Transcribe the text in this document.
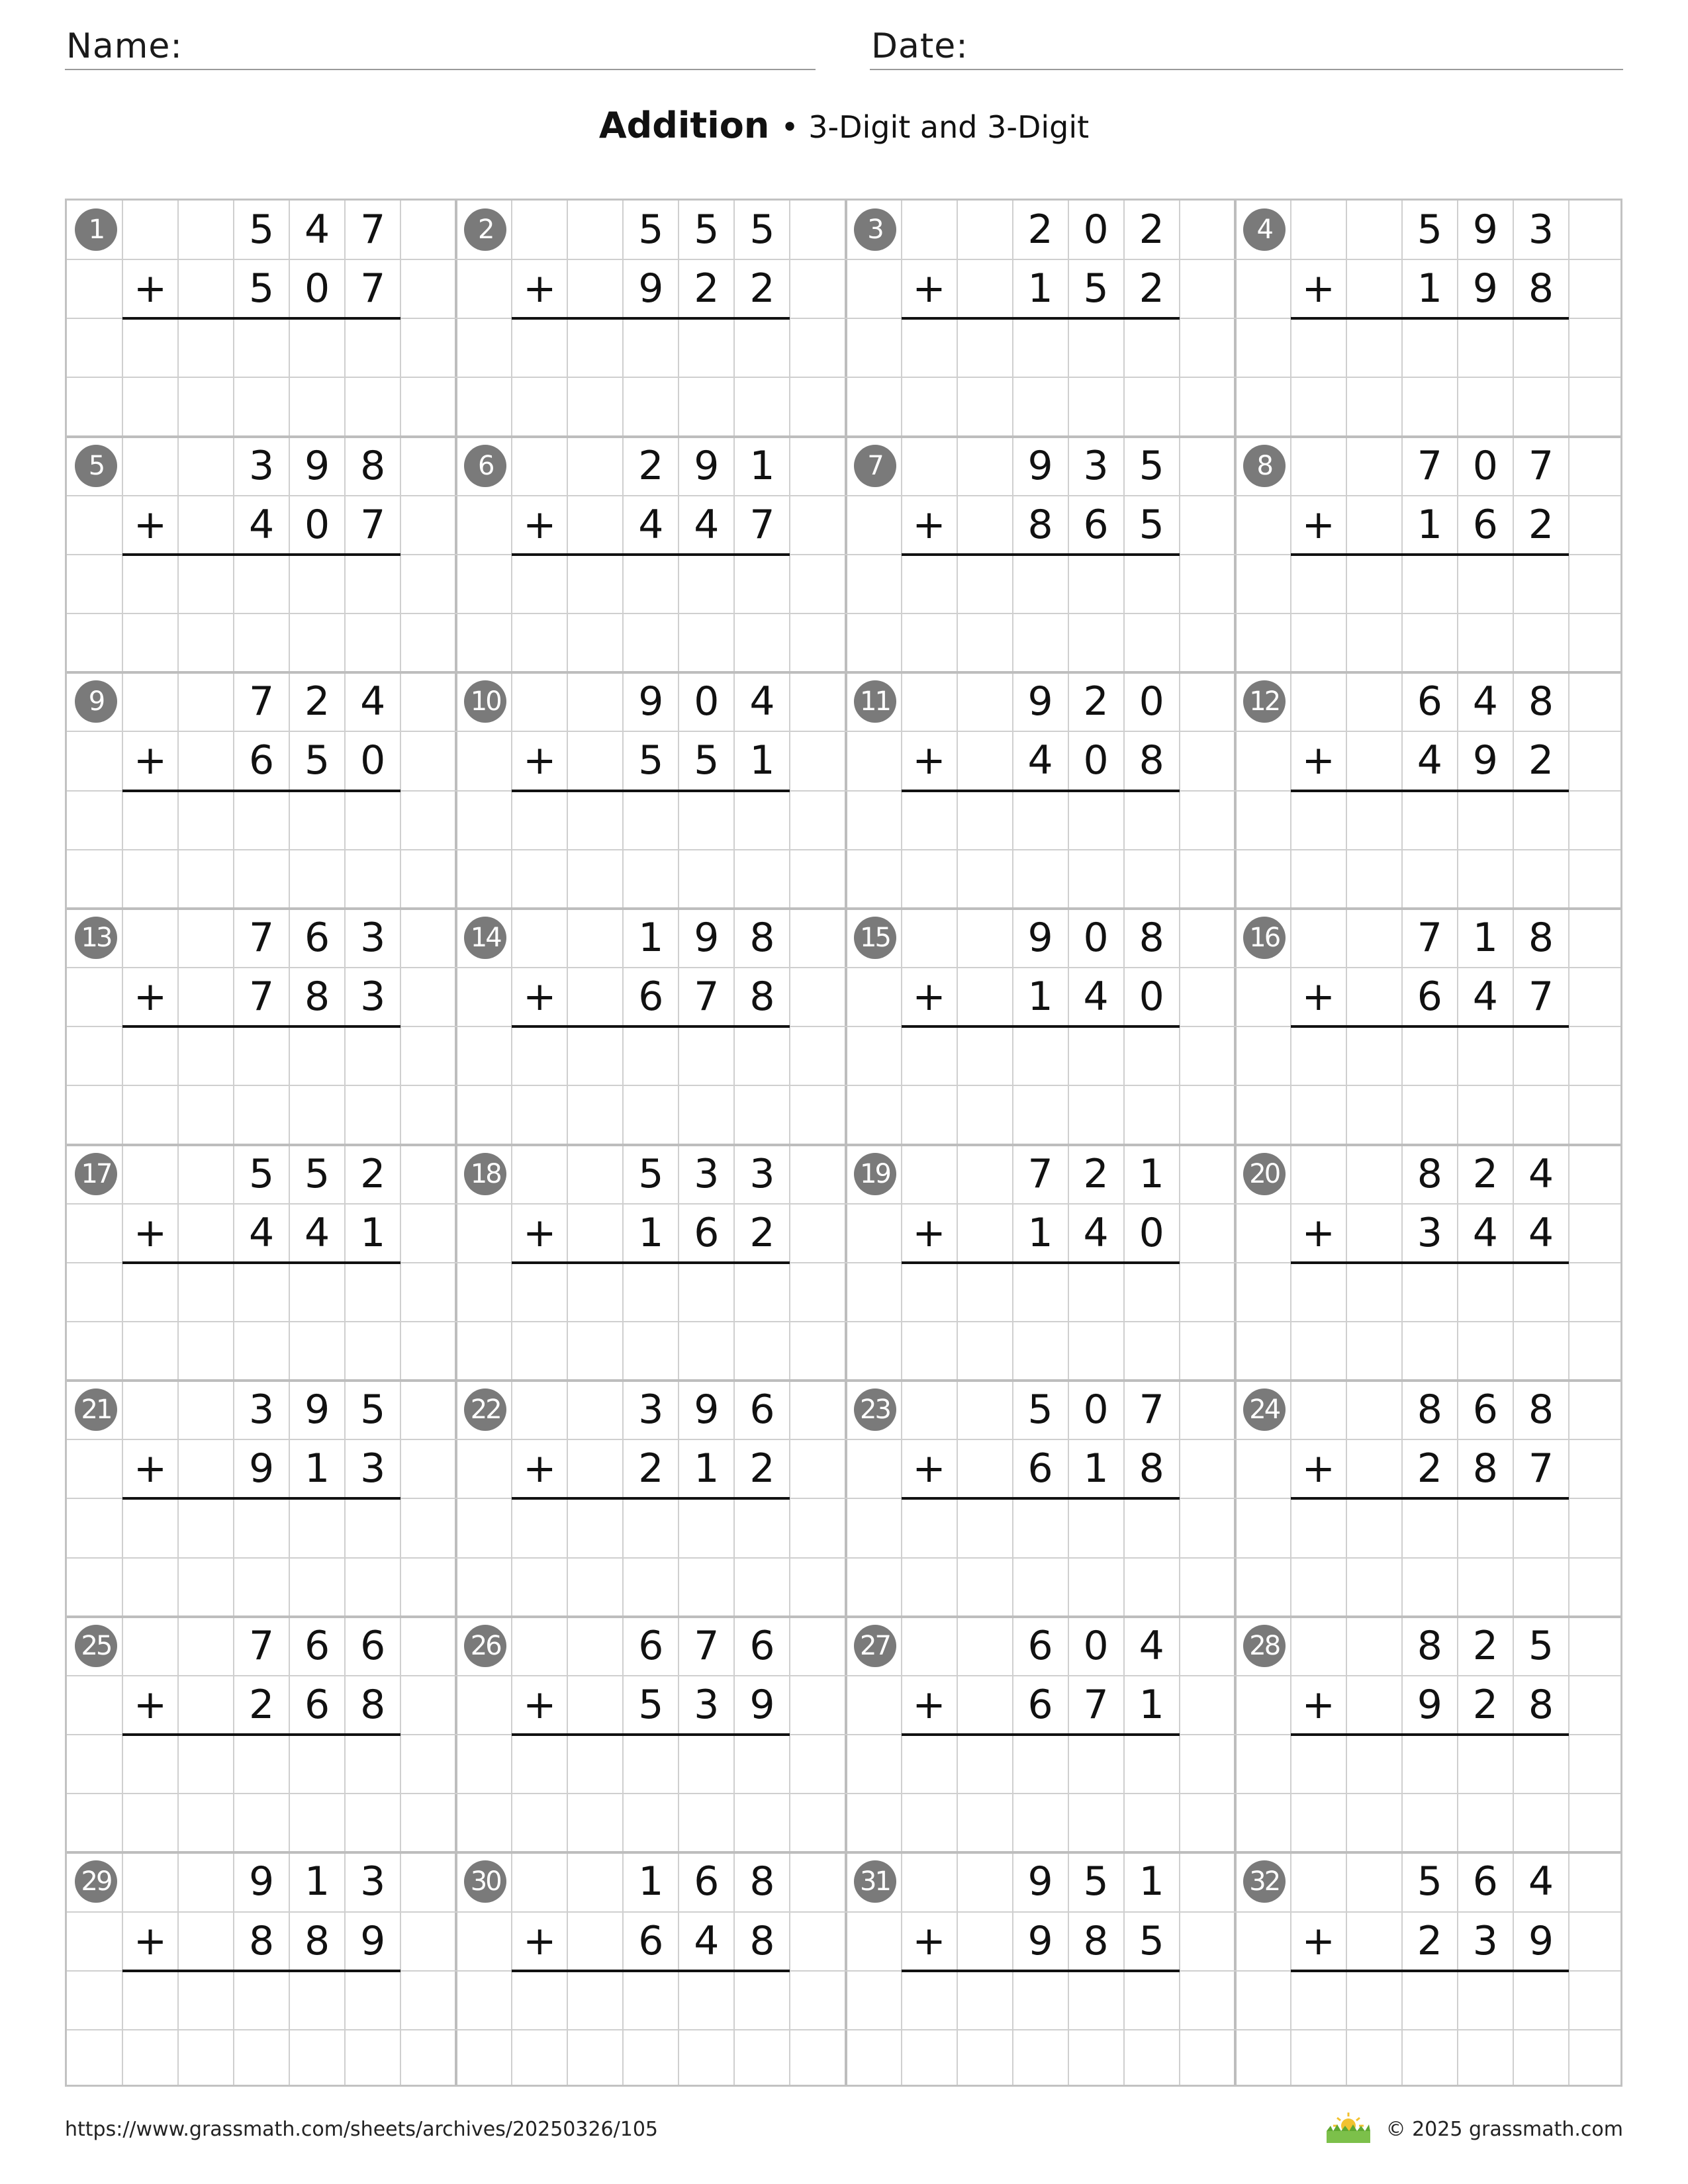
Name:	Date:
Addition • 3-Digit and 3-Digit
1	5 4 7
+	5 0 7
2	5 5 5
+	9 2 2
3	2 0 2
+	1 5 2
4	5 9 3
+	1 9 8
5	3 9 8
+	4 0 7
6	2 9 1
+	4 4 7
7	9 3 5
+	8 6 5
8	7 0 7
+	1 6 2
9	7 2 4
+	6 5 0
10	9 0 4
+	5 5 1
11	9 2 0
+	4 0 8
12	6 4 8
+	4 9 2
13	7 6 3
+	7 8 3
14	1 9 8
+	6 7 8
15	9 0 8
+	1 4 0
16	7 1 8
+	6 4 7
17	5 5 2
+	4 4 1
18	5 3 3
+	1 6 2
19	7 2 1
+	1 4 0
20	8 2 4
+	3 4 4
21	3 9 5
+	9 1 3
22	3 9 6
+	2 1 2
23	5 0 7
+	6 1 8
24	8 6 8
+	2 8 7
25	7 6 6
+	2 6 8
26	6 7 6
+	5 3 9
27	6 0 4
+	6 7 1
28	8 2 5
+	9 2 8
29	9 1 3
+	8 8 9
30	1 6 8
+	6 4 8
31	9 5 1
+	9 8 5
32	5 6 4
+	2 3 9
https://www.grassmath.com/sheets/archives/20250326/105	© 2025 grassmath.com
